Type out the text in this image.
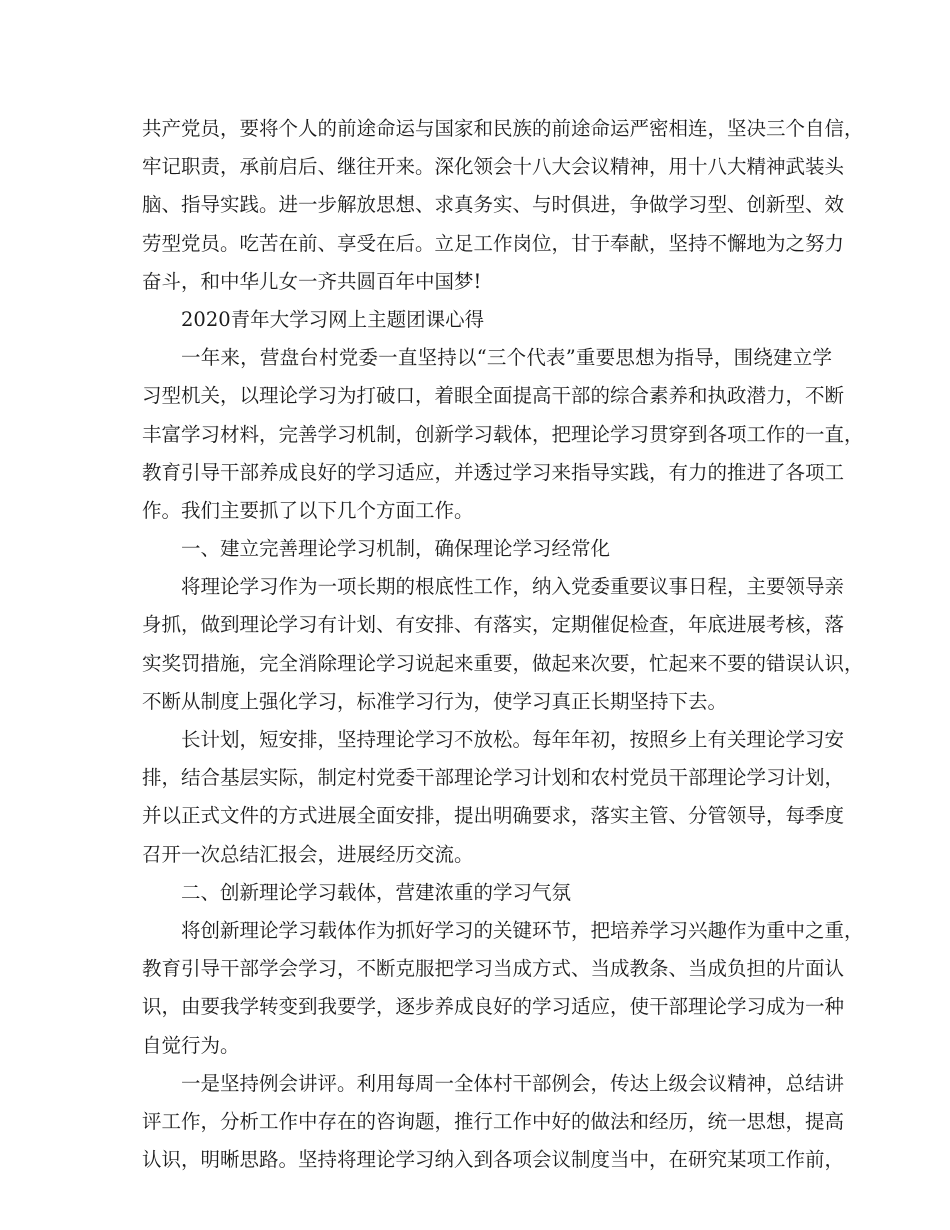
共产党员，要将个人的前途命运与国家和民族的前途命运严密相连，坚决三个自信，
牢记职责，承前启后、继往开来。深化领会十八大会议精神，用十八大精神武装头
脑、指导实践。进一步解放思想、求真务实、与时俱进，争做学习型、创新型、效
劳型党员。吃苦在前、享受在后。立足工作岗位，甘于奉献，坚持不懈地为之努力
奋斗，和中华儿女一齐共圆百年中国梦!
2020青年大学习网上主题团课心得
一年来，营盘台村党委一直坚持以“三个代表”重要思想为指导，围绕建立学
习型机关，以理论学习为打破口，着眼全面提高干部的综合素养和执政潜力，不断
丰富学习材料，完善学习机制，创新学习载体，把理论学习贯穿到各项工作的一直，
教育引导干部养成良好的学习适应，并透过学习来指导实践，有力的推进了各项工
作。我们主要抓了以下几个方面工作。
一、建立完善理论学习机制，确保理论学习经常化
将理论学习作为一项长期的根底性工作，纳入党委重要议事日程，主要领导亲
身抓，做到理论学习有计划、有安排、有落实，定期催促检查，年底进展考核，落
实奖罚措施，完全消除理论学习说起来重要，做起来次要，忙起来不要的错误认识，
不断从制度上强化学习，标准学习行为，使学习真正长期坚持下去。
长计划，短安排，坚持理论学习不放松。每年年初，按照乡上有关理论学习安
排，结合基层实际，制定村党委干部理论学习计划和农村党员干部理论学习计划，
并以正式文件的方式进展全面安排，提出明确要求，落实主管、分管领导，每季度
召开一次总结汇报会，进展经历交流。
二、创新理论学习载体，营建浓重的学习气氛
将创新理论学习载体作为抓好学习的关键环节，把培养学习兴趣作为重中之重，
教育引导干部学会学习，不断克服把学习当成方式、当成教条、当成负担的片面认
识，由要我学转变到我要学，逐步养成良好的学习适应，使干部理论学习成为一种
自觉行为。
一是坚持例会讲评。利用每周一全体村干部例会，传达上级会议精神，总结讲
评工作，分析工作中存在的咨询题，推行工作中好的做法和经历，统一思想，提高
认识，明晰思路。坚持将理论学习纳入到各项会议制度当中，在研究某项工作前，
